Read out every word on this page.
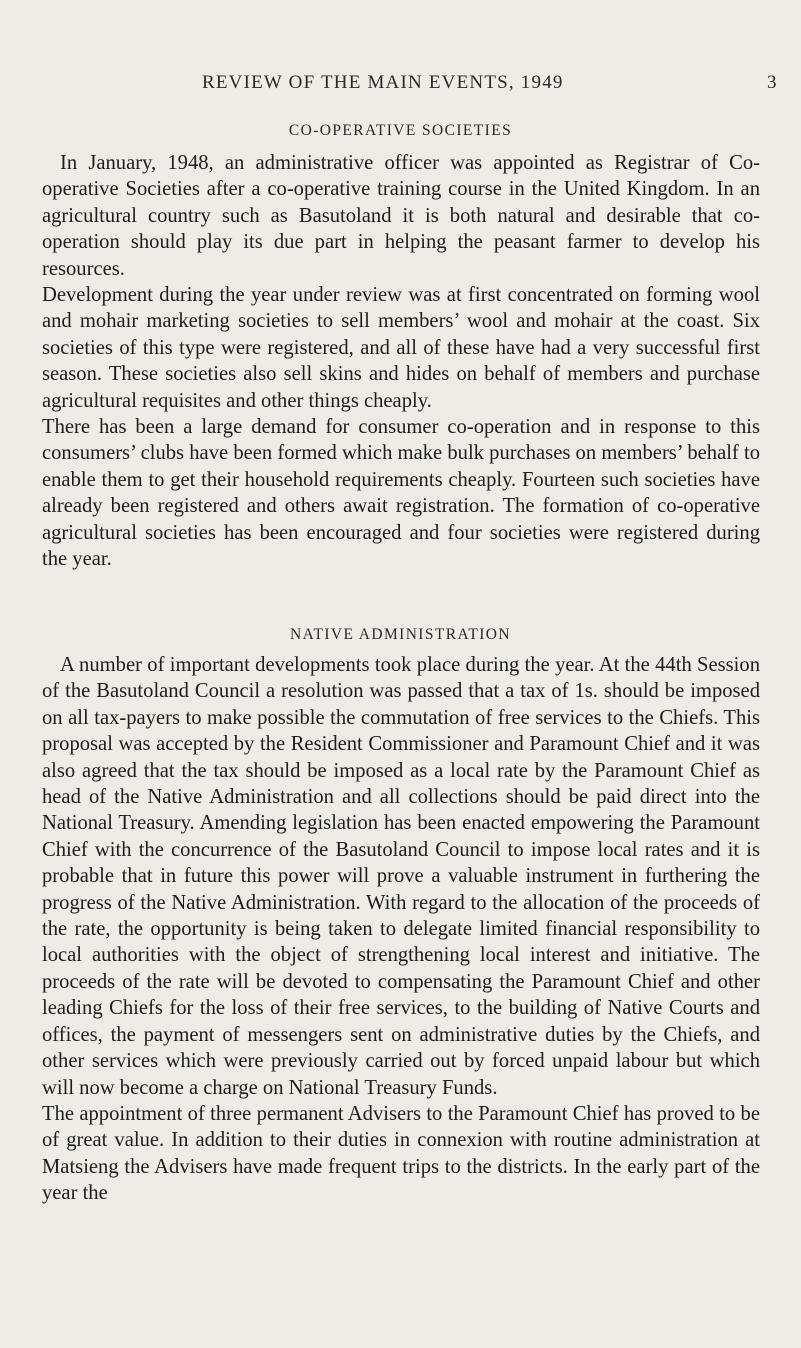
REVIEW OF THE MAIN EVENTS, 1949	3
CO-OPERATIVE SOCIETIES

In January, 1948, an administrative officer was appointed as Registrar of Co-operative Societies after a co-operative training course in the United Kingdom. In an agricultural country such as Basutoland it is both natural and desirable that co-operation should play its due part in helping the peasant farmer to develop his resources.

Development during the year under review was at first concentrated on forming wool and mohair marketing societies to sell members’ wool and mohair at the coast. Six societies of this type were registered, and all of these have had a very successful first season. These societies also sell skins and hides on behalf of members and purchase agricultural requisites and other things cheaply.

There has been a large demand for consumer co-operation and in response to this consumers’ clubs have been formed which make bulk purchases on members’ behalf to enable them to get their household requirements cheaply. Fourteen such societies have already been registered and others await registration. The formation of co-operative agricultural societies has been encouraged and four societies were registered during the year.

NATIVE ADMINISTRATION

A number of important developments took place during the year. At the 44th Session of the Basutoland Council a resolution was passed that a tax of 1s. should be imposed on all tax-payers to make possible the commutation of free services to the Chiefs. This proposal was accepted by the Resident Commissioner and Paramount Chief and it was also agreed that the tax should be imposed as a local rate by the Paramount Chief as head of the Native Administration and all collections should be paid direct into the National Treasury. Amending legislation has been enacted empowering the Paramount Chief with the concurrence of the Basutoland Council to impose local rates and it is probable that in future this power will prove a valuable instrument in furthering the progress of the Native Administration. With regard to the allocation of the proceeds of the rate, the opportunity is being taken to delegate limited financial responsibility to local authorities with the object of strengthening local interest and initiative. The proceeds of the rate will be devoted to compensating the Paramount Chief and other leading Chiefs for the loss of their free services, to the building of Native Courts and offices, the payment of messengers sent on administrative duties by the Chiefs, and other services which were previously carried out by forced unpaid labour but which will now become a charge on National Treasury Funds.

The appointment of three permanent Advisers to the Paramount Chief has proved to be of great value. In addition to their duties in connexion with routine administration at Matsieng the Advisers have made frequent trips to the districts. In the early part of the year the
